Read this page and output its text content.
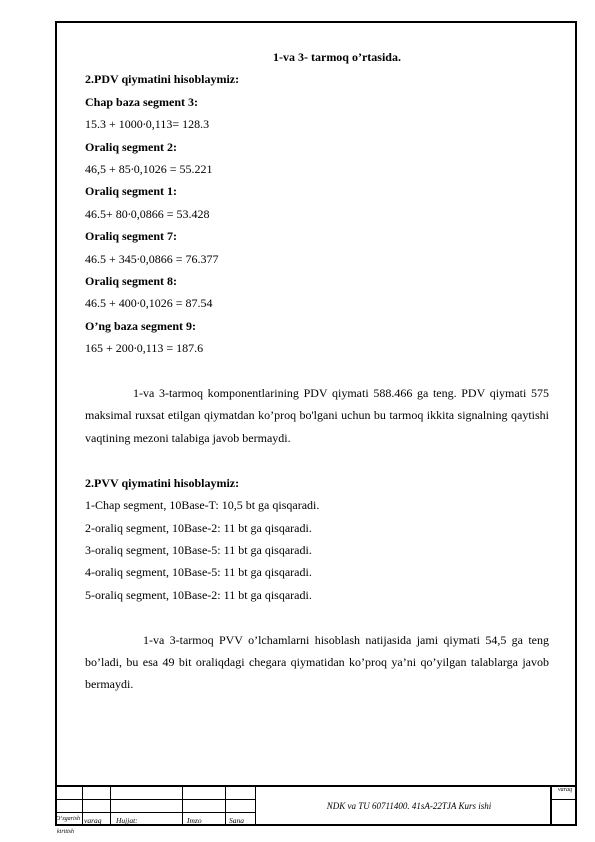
1-va 3- tarmoq o’rtasida.

2.PDV qiymatini hisoblaymiz:

Chap baza segment 3:

15.3 + 1000∙0,113= 128.3

Oraliq segment 2:

46,5 + 85∙0,1026 = 55.221

Oraliq segment 1:

46.5+ 80∙0,0866 = 53.428

Oraliq segment 7:

46.5 + 345∙0,0866 = 76.377

Oraliq segment 8:

46.5 + 400∙0,1026 = 87.54

O’ng baza segment 9:

165 + 200∙0,113 = 187.6

1-va 3-tarmoq komponentlarining PDV qiymati 588.466 ga teng. PDV qiymati 575 maksimal ruxsat etilgan qiymatdan ko’proq bo'lgani uchun bu tarmoq ikkita signalning qaytishi vaqtining mezoni talabiga javob bermaydi.

2.PVV qiymatini hisoblaymiz:

1-Chap segment, 10Base-T: 10,5 bt ga qisqaradi.

2-oraliq segment, 10Base-2: 11 bt ga qisqaradi.

3-oraliq segment, 10Base-5: 11 bt ga qisqaradi.

4-oraliq segment, 10Base-5: 11 bt ga qisqaradi.

5-oraliq segment, 10Base-2: 11 bt ga qisqaradi.

1-va 3-tarmoq PVV o’lchamlarni hisoblash natijasida jami qiymati 54,5 ga teng bo’ladi, bu esa 49 bit oraliqdagi chegara qiymatidan ko’proq ya’ni qo’yilgan talablarga javob bermaydi.

O‘zgarish varaq Hujjat:	Imzo	Sana
NDK va TU 60711400. 41sA-22TJA Kurs ishi
varaq
kiritish
